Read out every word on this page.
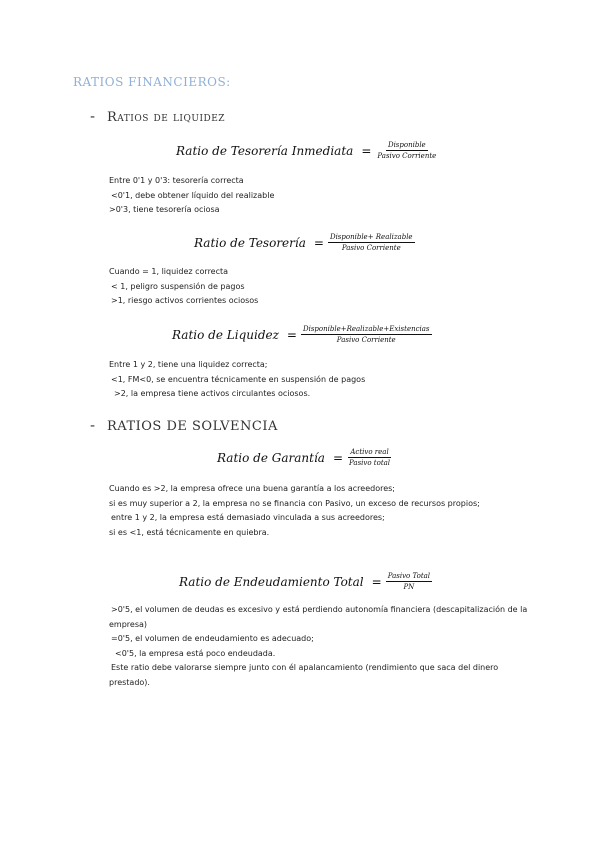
RATIOS FINANCIEROS:
- Ratios de liquidez
Ratio de Tesorería Inmediata = $\frac{\text{Disponible}}{\text{Pasivo Corriente}}$
Entre 0'1 y 0'3: tesorería correcta
<0'1, debe obtener líquido del realizable
>0'3, tiene tesorería ociosa
Ratio de Tesorería = $\frac{\text{Disponible+ Realizable}}{\text{Pasivo Corriente}}$
Cuando = 1, liquidez correcta
< 1, peligro suspensión de pagos
>1, riesgo activos corrientes ociosos
Ratio de Liquidez = $\frac{\text{Disponible+Realizable+Existencias}}{\text{Pasivo Corriente}}$
Entre 1 y 2, tiene una liquidez correcta;
<1, FM<0, se encuentra técnicamente en suspensión de pagos
>2, la empresa tiene activos circulantes ociosos.
- RATIOS DE SOLVENCIA
Ratio de Garantía = $\frac{\text{Activo real}}{\text{Pasivo total}}$
Cuando es >2, la empresa ofrece una buena garantía a los acreedores;
si es muy superior a 2, la empresa no se financia con Pasivo, un exceso de recursos propios;
entre 1 y 2, la empresa está demasiado vinculada a sus acreedores;
si es <1, está técnicamente en quiebra.
Ratio de Endeudamiento Total = $\frac{\text{Pasivo Total}}{PN}$
>0'5, el volumen de deudas es excesivo y está perdiendo autonomía financiera (descapitalización de la
empresa)
=0'5, el volumen de endeudamiento es adecuado;
<0'5, la empresa está poco endeudada.
Este ratio debe valorarse siempre junto con él apalancamiento (rendimiento que saca del dinero
prestado).
